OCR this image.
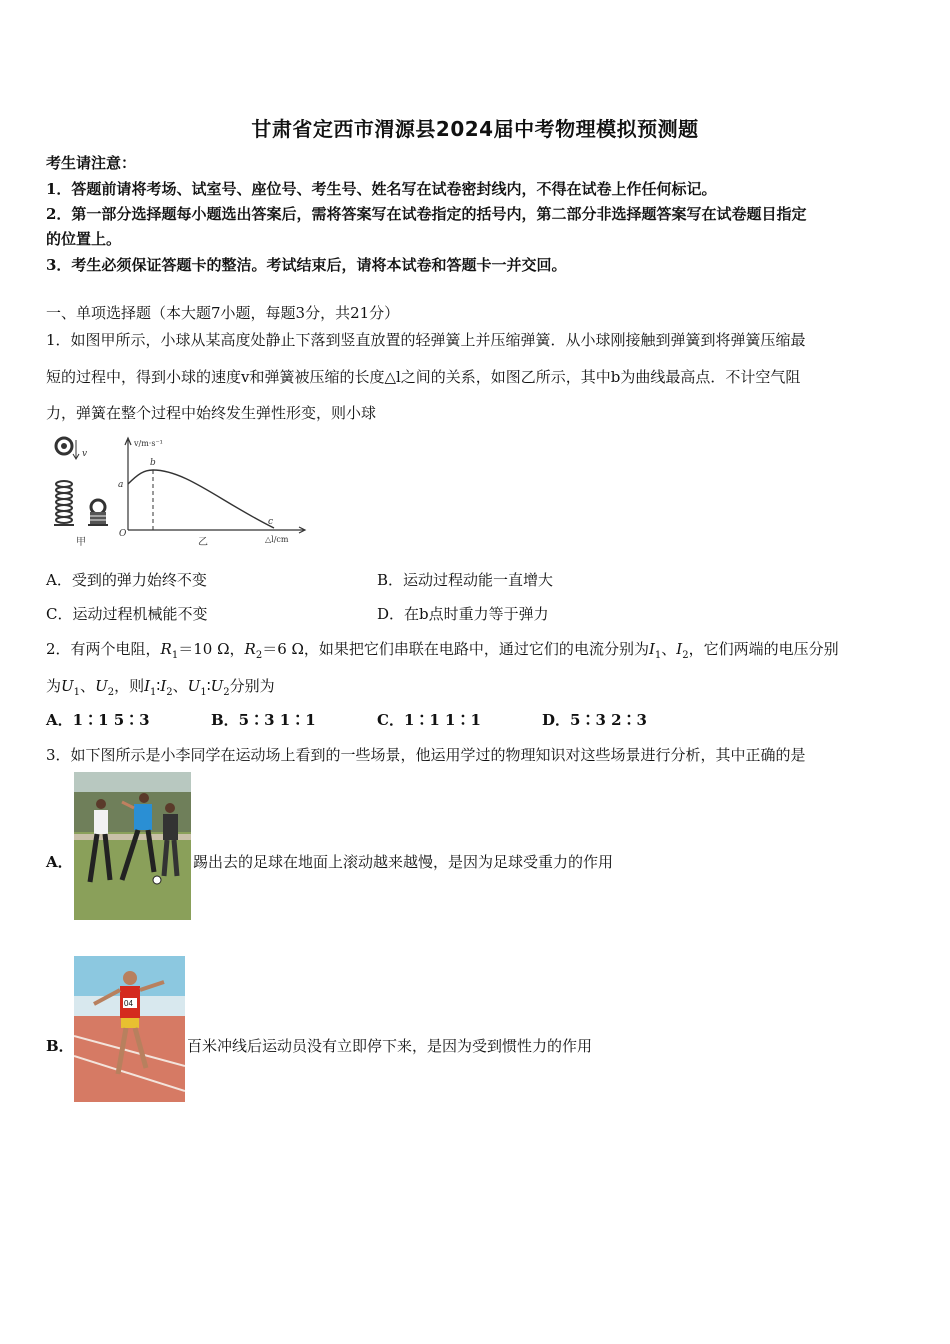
甘肃省定西市渭源县2024届中考物理模拟预测题
考生请注意：
1．答题前请将考场、试室号、座位号、考生号、姓名写在试卷密封线内，不得在试卷上作任何标记。
2．第一部分选择题每小题选出答案后，需将答案写在试卷指定的括号内，第二部分非选择题答案写在试卷题目指定
的位置上。
3．考生必须保证答题卡的整洁。考试结束后，请将本试卷和答题卡一并交回。
一、单项选择题（本大题7小题，每题3分，共21分）
1．如图甲所示，小球从某高度处静止下落到竖直放置的轻弹簧上并压缩弹簧．从小球刚接触到弹簧到将弹簧压缩最
短的过程中，得到小球的速度v和弹簧被压缩的长度△l之间的关系，如图乙所示，其中b为曲线最高点．不计空气阻
力，弹簧在整个过程中始终发生弹性形变，则小球
v
甲
v/m·s⁻¹
△l/cm
O
a
b
c
乙
A．受到的弹力始终不变	B．运动过程动能一直增大
C．运动过程机械能不变	D．在b点时重力等于弹力
2．有两个电阻，$R_1=10$ Ω，$R_2=6$ Ω，如果把它们串联在电路中，通过它们的电流分别为$I_1$、$I_2$，它们两端的电压分别
为$U_1$、$U_2$，则$I_1∶I_2$、$U_1∶U_2$分别为
A．1∶1 5∶3	B．5∶3 1∶1	C．1∶1 1∶1	D．5∶3 2∶3
3．如下图所示是小李同学在运动场上看到的一些场景，他运用学过的物理知识对这些场景进行分析，其中正确的是
A．	踢出去的足球在地面上滚动越来越慢，是因为足球受重力的作用
B．
04
百米冲线后运动员没有立即停下来，是因为受到惯性力的作用
